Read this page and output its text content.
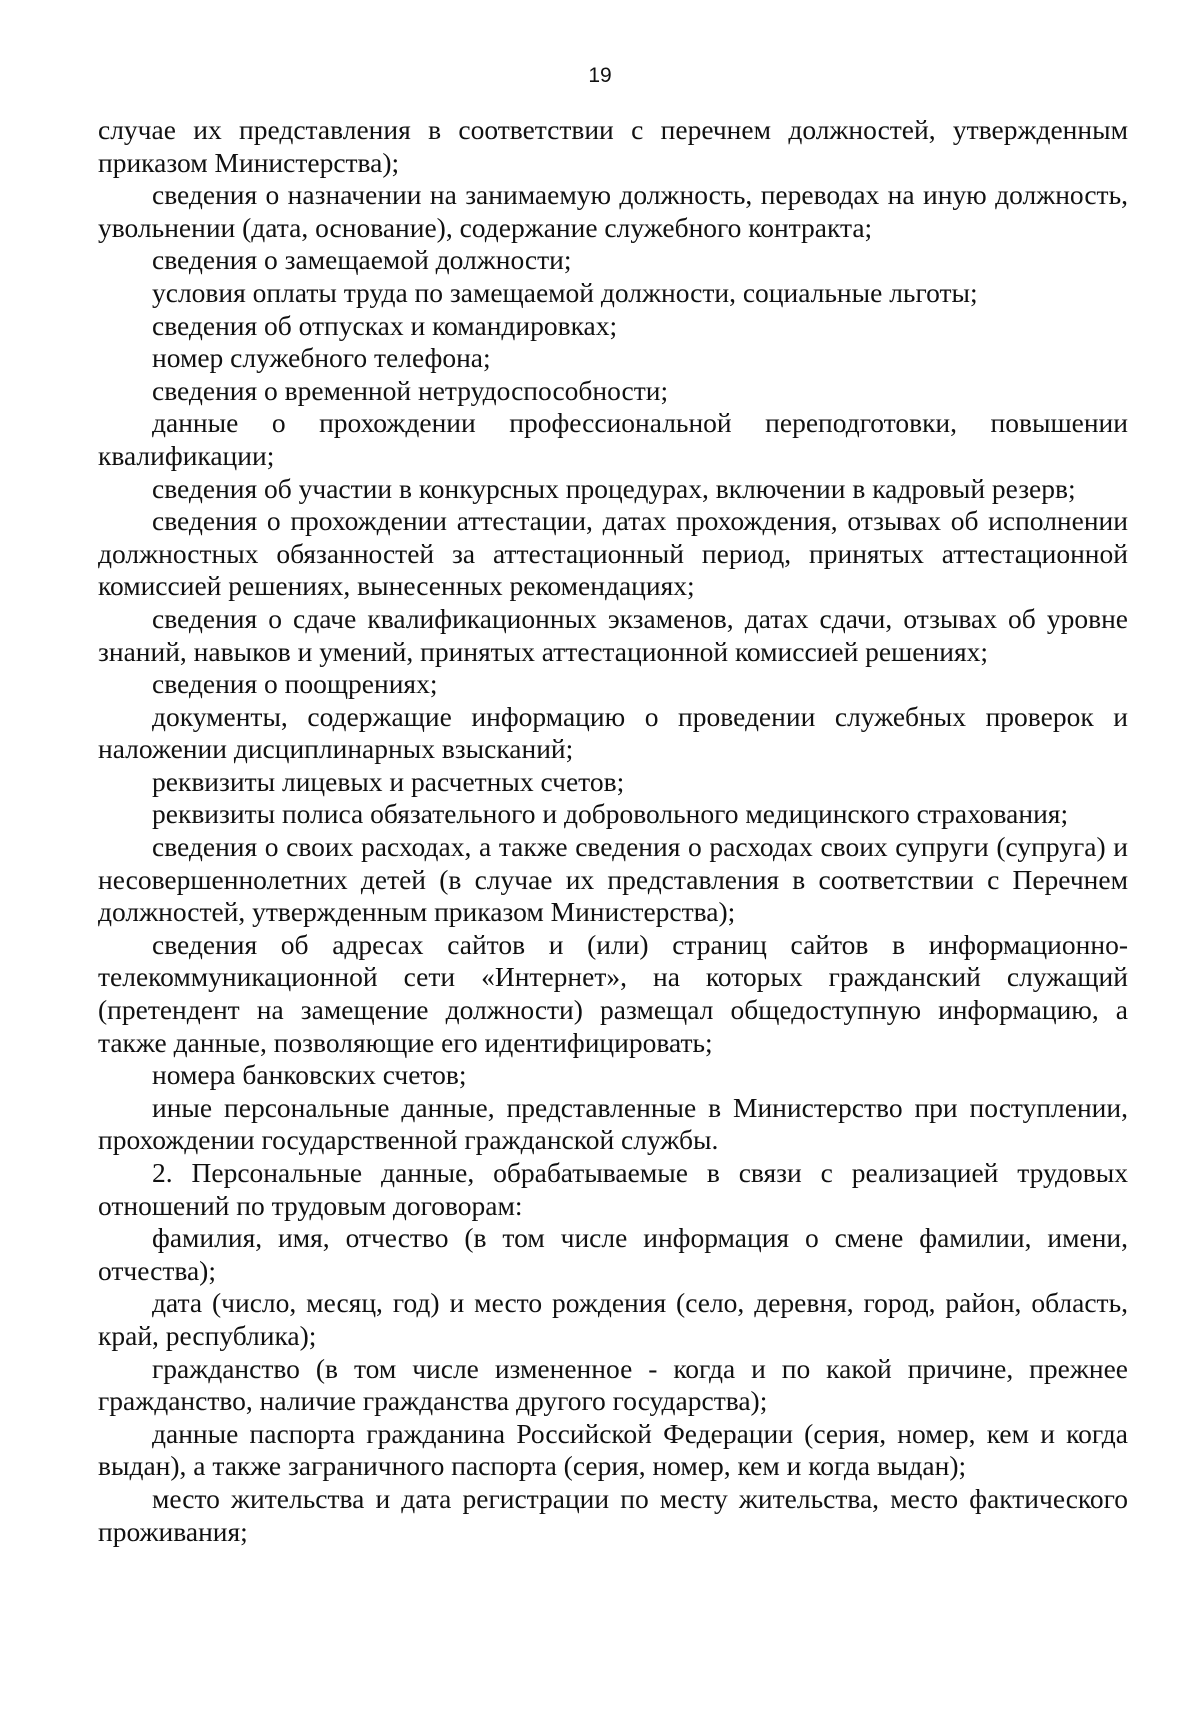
19

случае их представления в соответствии с перечнем должностей, утвержденным приказом Министерства);

сведения о назначении на занимаемую должность, переводах на иную должность, увольнении (дата, основание), содержание служебного контракта;

сведения о замещаемой должности;

условия оплаты труда по замещаемой должности, социальные льготы;

сведения об отпусках и командировках;

номер служебного телефона;

сведения о временной нетрудоспособности;

данные о прохождении профессиональной переподготовки, повышении квалификации;

сведения об участии в конкурсных процедурах, включении в кадровый резерв;

сведения о прохождении аттестации, датах прохождения, отзывах об исполнении должностных обязанностей за аттестационный период, принятых аттестационной комиссией решениях, вынесенных рекомендациях;

сведения о сдаче квалификационных экзаменов, датах сдачи, отзывах об уровне знаний, навыков и умений, принятых аттестационной комиссией решениях;

сведения о поощрениях;

документы, содержащие информацию о проведении служебных проверок и наложении дисциплинарных взысканий;

реквизиты лицевых и расчетных счетов;

реквизиты полиса обязательного и добровольного медицинского страхования;

сведения о своих расходах, а также сведения о расходах своих супруги (супруга) и несовершеннолетних детей (в случае их представления в соответствии с Перечнем должностей, утвержденным приказом Министерства);

сведения об адресах сайтов и (или) страниц сайтов в информационно-телекоммуникационной сети «Интернет», на которых гражданский служащий (претендент на замещение должности) размещал общедоступную информацию, а также данные, позволяющие его идентифицировать;

номера банковских счетов;

иные персональные данные, представленные в Министерство при поступлении, прохождении государственной гражданской службы.

2. Персональные данные, обрабатываемые в связи с реализацией трудовых отношений по трудовым договорам:

фамилия, имя, отчество (в том числе информация о смене фамилии, имени, отчества);

дата (число, месяц, год) и место рождения (село, деревня, город, район, область, край, республика);

гражданство (в том числе измененное - когда и по какой причине, прежнее гражданство, наличие гражданства другого государства);

данные паспорта гражданина Российской Федерации (серия, номер, кем и когда выдан), а также заграничного паспорта (серия, номер, кем и когда выдан);

место жительства и дата регистрации по месту жительства, место фактического проживания;
